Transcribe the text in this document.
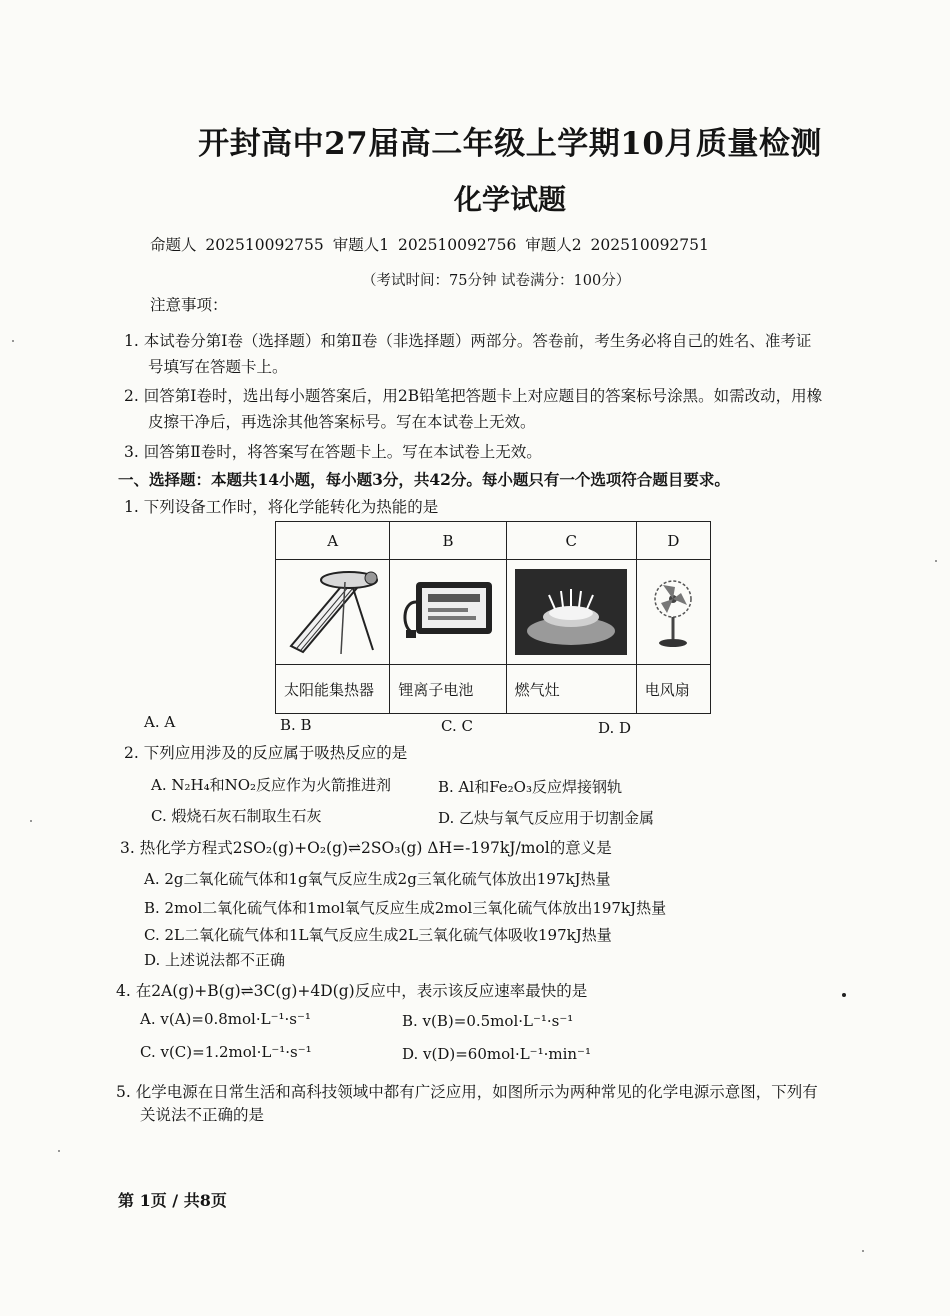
开封高中27届高二年级上学期10月质量检测
化学试题
命题人 202510092755 审题人1 202510092756 审题人2 202510092751
（考试时间：75分钟 试卷满分：100分）
注意事项：
1. 本试卷分第Ⅰ卷（选择题）和第Ⅱ卷（非选择题）两部分。答卷前，考生务必将自己的姓名、准考证
号填写在答题卡上。
2. 回答第Ⅰ卷时，选出每小题答案后，用2B铅笔把答题卡上对应题目的答案标号涂黑。如需改动，用橡
皮擦干净后，再选涂其他答案标号。写在本试卷上无效。
3. 回答第Ⅱ卷时，将答案写在答题卡上。写在本试卷上无效。
一、选择题：本题共14小题，每小题3分，共42分。每小题只有一个选项符合题目要求。
1. 下列设备工作时，将化学能转化为热能的是
A	B	C	D

太阳能集热器	锂离子电池	燃气灶	电风扇
A. A	B. B	C. C	D. D
2. 下列应用涉及的反应属于吸热反应的是
A. N₂H₄和NO₂反应作为火箭推进剂	B. Al和Fe₂O₃反应焊接钢轨
C. 煅烧石灰石制取生石灰	D. 乙炔与氧气反应用于切割金属
3. 热化学方程式2SO₂(g)+O₂(g)⇌2SO₃(g) ΔH=-197kJ/mol的意义是
A. 2g二氧化硫气体和1g氧气反应生成2g三氧化硫气体放出197kJ热量
B. 2mol二氧化硫气体和1mol氧气反应生成2mol三氧化硫气体放出197kJ热量
C. 2L二氧化硫气体和1L氧气反应生成2L三氧化硫气体吸收197kJ热量
D. 上述说法都不正确
4. 在2A(g)+B(g)⇌3C(g)+4D(g)反应中，表示该反应速率最快的是
A. v(A)=0.8mol·L⁻¹·s⁻¹	B. v(B)=0.5mol·L⁻¹·s⁻¹
C. v(C)=1.2mol·L⁻¹·s⁻¹	D. v(D)=60mol·L⁻¹·min⁻¹
5. 化学电源在日常生活和高科技领域中都有广泛应用，如图所示为两种常见的化学电源示意图，下列有
关说法不正确的是
第 1页 / 共8页
